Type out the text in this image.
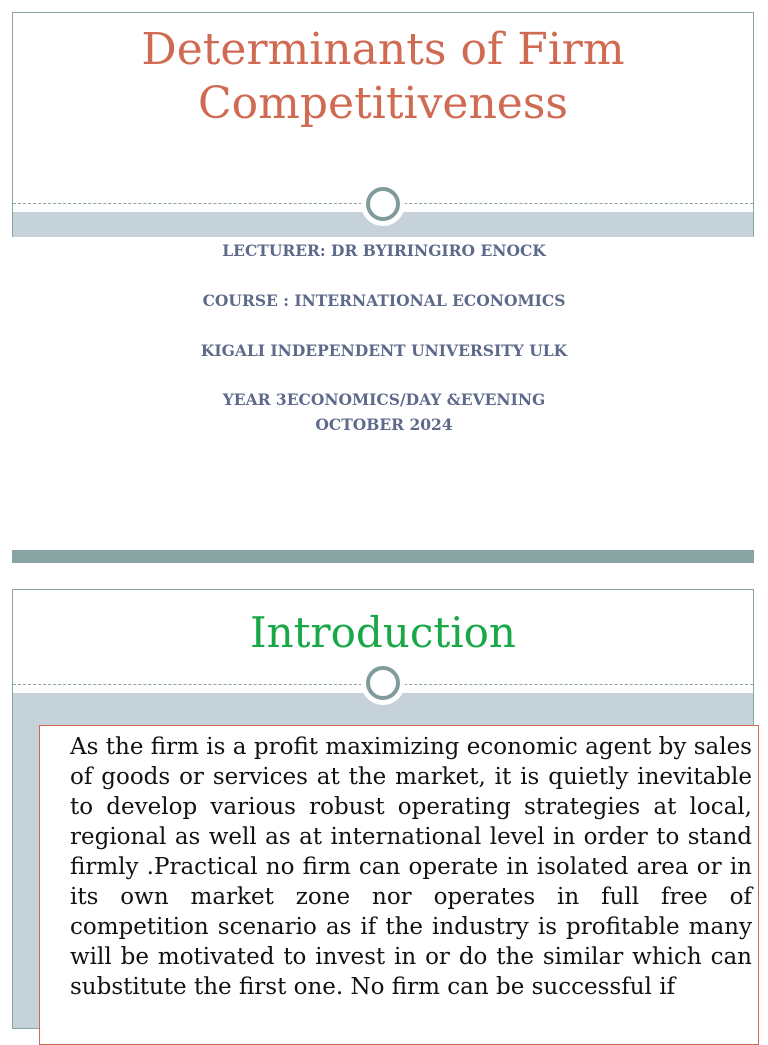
Determinants of Firm
Competitiveness
LECTURER: DR BYIRINGIRO ENOCK
COURSE : INTERNATIONAL ECONOMICS
KIGALI INDEPENDENT UNIVERSITY ULK
YEAR 3ECONOMICS/DAY &EVENING
OCTOBER 2024
Introduction

As the firm is a profit maximizing economic agent by sales of goods or services at the market, it is quietly inevitable to develop various robust operating strategies at local, regional as well as at international level in order to stand firmly .Practical no firm can operate in isolated area or in its own market zone nor operates in full free of competition scenario as if the industry is profitable many will be motivated to invest in or do the similar which can substitute the first one. No firm can be successful if
